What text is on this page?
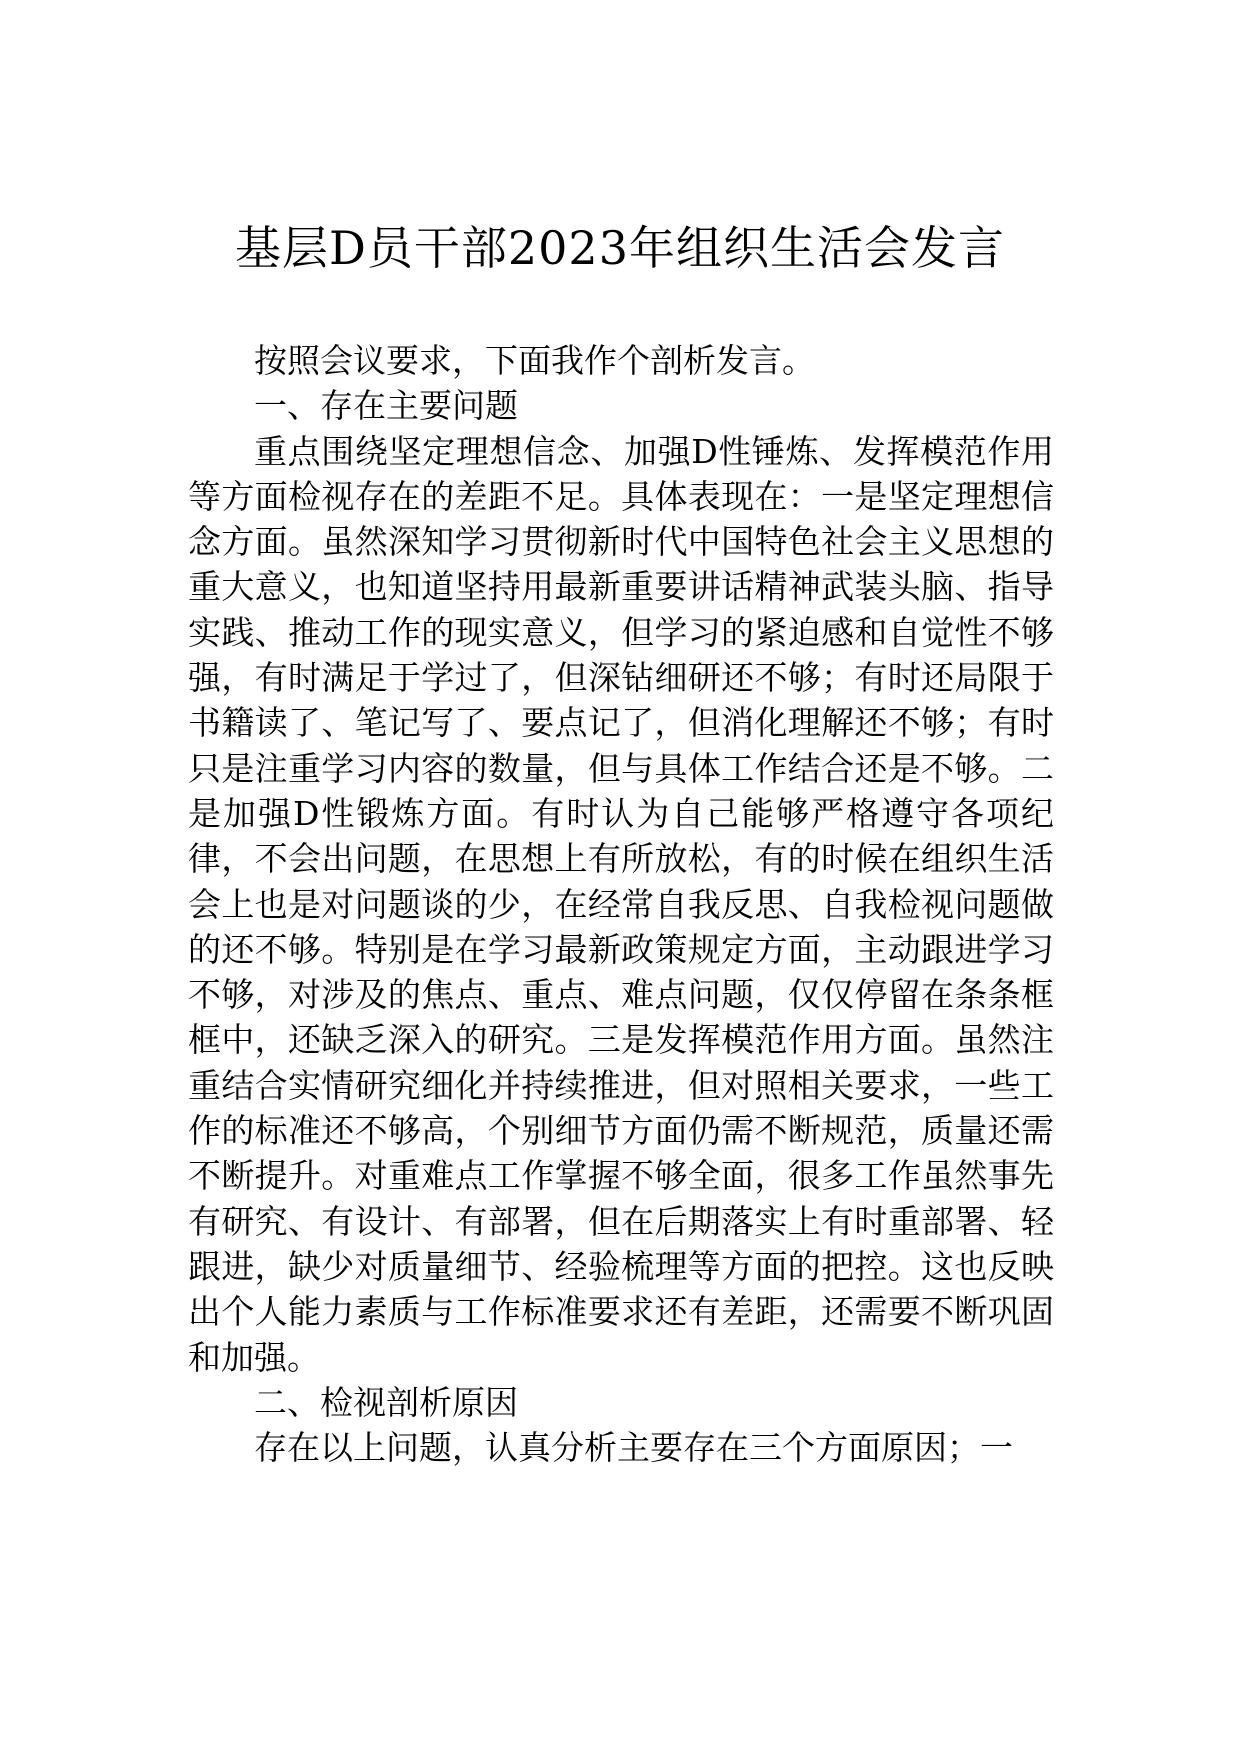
基层D员干部2023年组织生活会发言

按照会议要求，下面我作个剖析发言。

一、存在主要问题

重点围绕坚定理想信念、加强D性锤炼、发挥模范作用等方面检视存在的差距不足。具体表现在：一是坚定理想信念方面。虽然深知学习贯彻新时代中国特色社会主义思想的重大意义，也知道坚持用最新重要讲话精神武装头脑、指导实践、推动工作的现实意义，但学习的紧迫感和自觉性不够强，有时满足于学过了，但深钻细研还不够；有时还局限于书籍读了、笔记写了、要点记了，但消化理解还不够；有时只是注重学习内容的数量，但与具体工作结合还是不够。二是加强D性锻炼方面。有时认为自己能够严格遵守各项纪律，不会出问题，在思想上有所放松，有的时候在组织生活会上也是对问题谈的少，在经常自我反思、自我检视问题做的还不够。特别是在学习最新政策规定方面，主动跟进学习不够，对涉及的焦点、重点、难点问题，仅仅停留在条条框框中，还缺乏深入的研究。三是发挥模范作用方面。虽然注重结合实情研究细化并持续推进，但对照相关要求，一些工作的标准还不够高，个别细节方面仍需不断规范，质量还需不断提升。对重难点工作掌握不够全面，很多工作虽然事先有研究、有设计、有部署，但在后期落实上有时重部署、轻跟进，缺少对质量细节、经验梳理等方面的把控。这也反映出个人能力素质与工作标准要求还有差距，还需要不断巩固和加强。

二、检视剖析原因

存在以上问题，认真分析主要存在三个方面原因；一
